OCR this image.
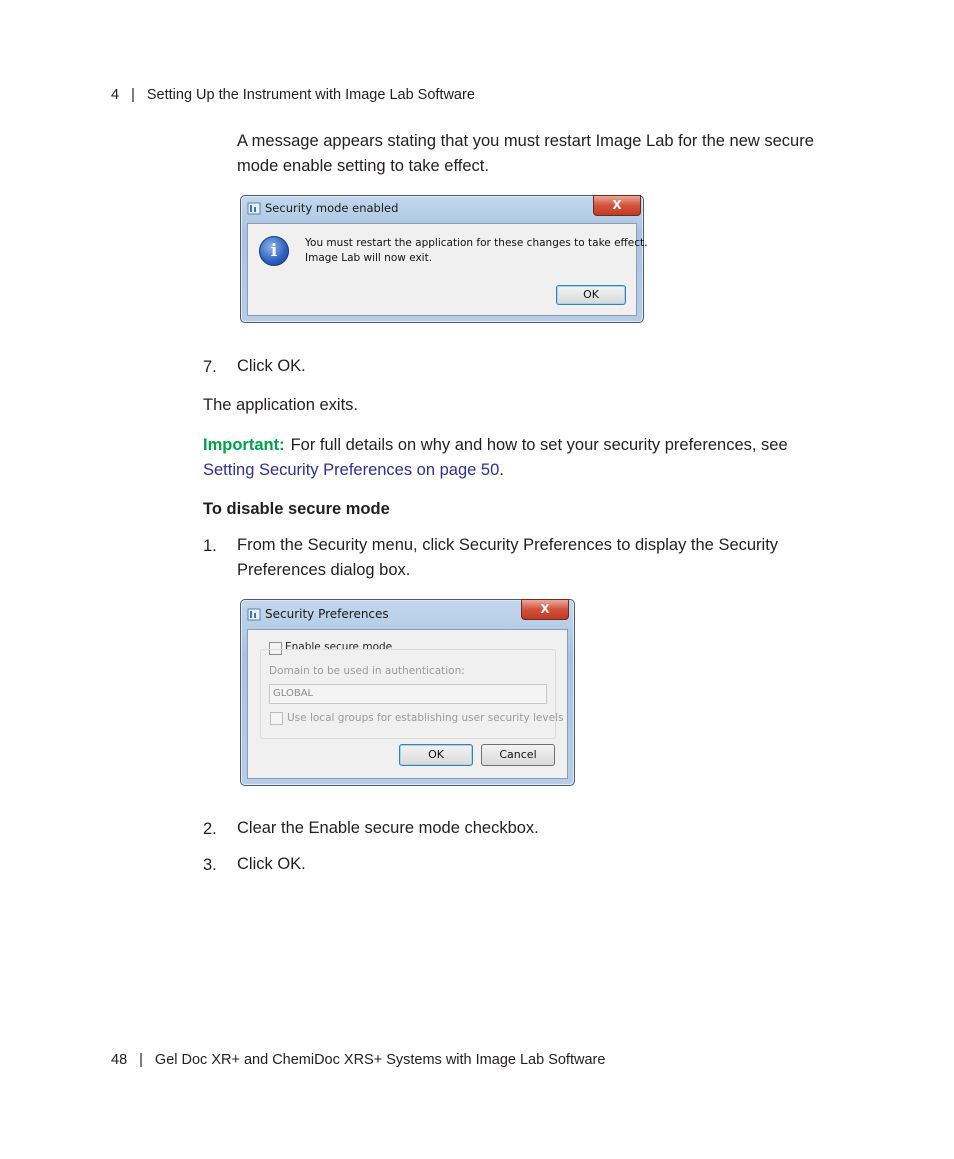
4 | Setting Up the Instrument with Image Lab Software
A message appears stating that you must restart Image Lab for the new secure mode enable setting to take effect.
Security mode enabled	X
i	You must restart the application for these changes to take effect.
Image Lab will now exit.
OK
7. Click OK.
The application exits.
Important: For full details on why and how to set your security preferences, see
Setting Security Preferences on page 50.
To disable secure mode
1. From the Security menu, click Security Preferences to display the Security Preferences dialog box.
Security Preferences	X
Enable secure mode
Domain to be used in authentication:
GLOBAL
Use local groups for establishing user security levels
OK	Cancel
2. Clear the Enable secure mode checkbox.
3. Click OK.
48 | Gel Doc XR+ and ChemiDoc XRS+ Systems with Image Lab Software
